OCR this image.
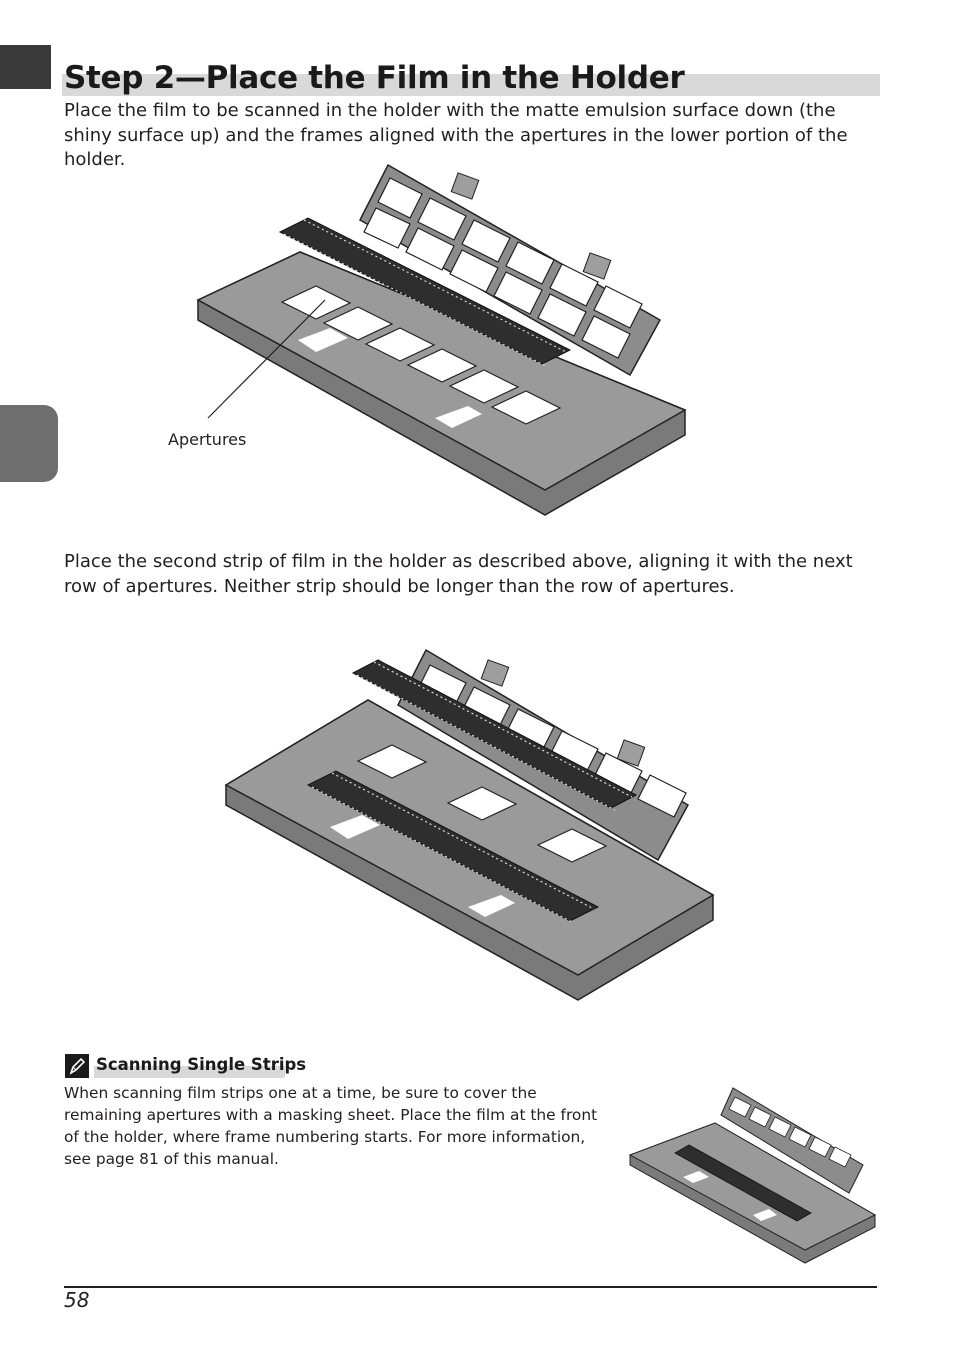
Step 2—Place the Film in the Holder

Place the film to be scanned in the holder with the matte emulsion surface down (the shiny surface up) and the frames aligned with the apertures in the lower portion of the holder.

Apertures

Place the second strip of film in the holder as described above, aligning it with the next row of apertures. Neither strip should be longer than the row of apertures.

Scanning Single Strips

When scanning film strips one at a time, be sure to cover the remaining apertures with a masking sheet. Place the film at the front of the holder, where frame numbering starts. For more information, see page 81 of this manual.

58
